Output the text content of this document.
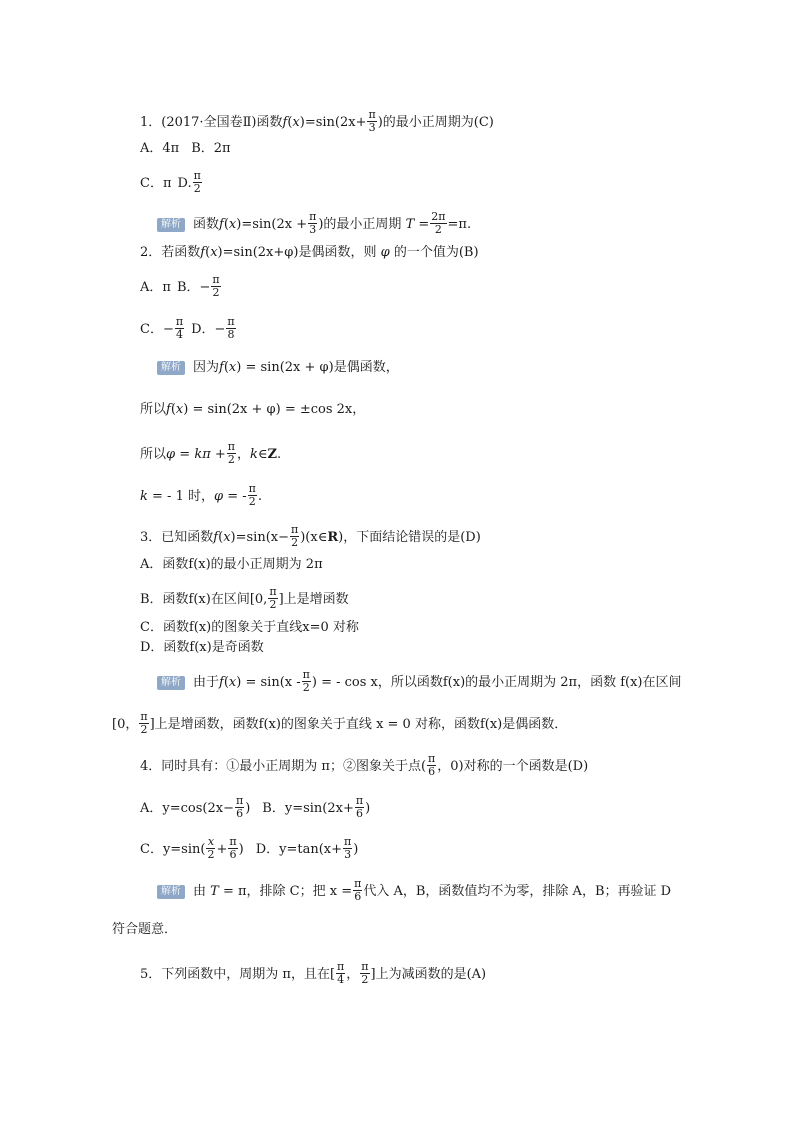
1．(2017·全国卷Ⅱ)函数$f(x)=\sin(2x+ \frac{\pi}{3}$ )的最小正周期为(C)
A．4π B．2π
C．π D. $\frac{\pi}{2}$
解析 函数$f(x)=\sin(2x + \frac{\pi}{3}$ )的最小正周期 $T = \frac{2\pi}{2} =\pi$.
2．若函数f(x)=sin(2x+φ)是偶函数，则 φ 的一个值为(B)
A．π B．− $\frac{\pi}{2}$
C．− $\frac{\pi}{4}$ D．− $\frac{\pi}{8}$
解析 因为f(x) = sin(2x + φ)是偶函数，
所以f(x) = sin(2x + φ) = ±cos 2x，
所以$\varphi = k\pi + \frac{\pi}{2}$ ，k∈Z.
k = - 1 时，φ = - $\frac{\pi}{2}$ .
3．已知函数$f(x)=\sin(x- \frac{\pi}{2}$ )(x∈R)，下面结论错误的是(D)
A．函数f(x)的最小正周期为 2π
B．函数f(x)在区间[0, $\frac{\pi}{2}$ ]上是增函数
C．函数f(x)的图象关于直线x=0 对称
D．函数f(x)是奇函数
解析 由于$f(x) = \sin(x - \frac{\pi}{2}$ ) = - cos x，所以函数f(x)的最小正周期为 2π，函数 f(x)在区间
[0， $\frac{\pi}{2}$ ]上是增函数，函数f(x)的图象关于直线 x = 0 对称，函数f(x)是偶函数．
4．同时具有：①最小正周期为 π；②图象关于点( $\frac{\pi}{6}$ ，0)对称的一个函数是(D)
A．$y=\cos(2x- \frac{\pi}{6}$ ) B．$y=\sin(2x+ \frac{\pi}{6}$ )
C．$y=\sin( \frac{x}{2} + \frac{\pi}{6}$ ) D．$y=\tan(x+ \frac{\pi}{3}$ )
解析 由 T = π，排除 C；把 $x = \frac{\pi}{6}$ 代入 A，B，函数值均不为零，排除 A，B；再验证 D
符合题意．
5．下列函数中，周期为 π，且在[ $\frac{\pi}{4}$ ， $\frac{\pi}{2}$ ]上为减函数的是(A)
